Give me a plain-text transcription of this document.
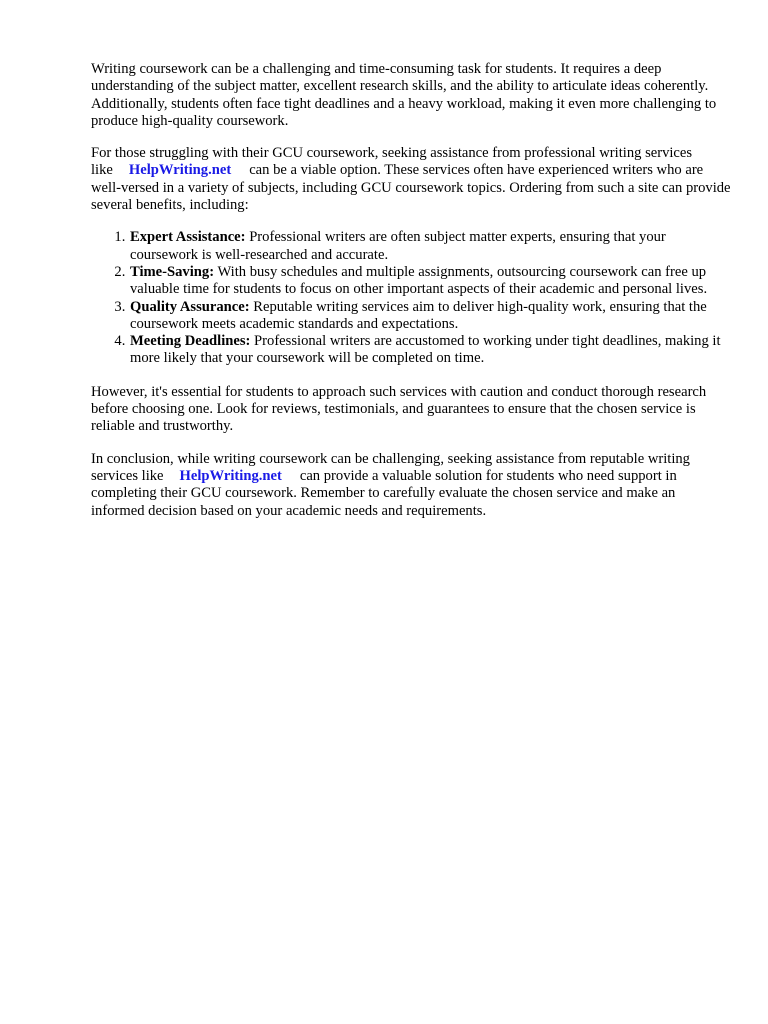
Writing coursework can be a challenging and time-consuming task for students. It requires a deep understanding of the subject matter, excellent research skills, and the ability to articulate ideas coherently. Additionally, students often face tight deadlines and a heavy workload, making it even more challenging to produce high-quality coursework.

For those struggling with their GCU coursework, seeking assistance from professional writing services like HelpWriting.net can be a viable option. These services often have experienced writers who are well-versed in a variety of subjects, including GCU coursework topics. Ordering from such a site can provide several benefits, including:

1. Expert Assistance: Professional writers are often subject matter experts, ensuring that your coursework is well-researched and accurate.
2. Time-Saving: With busy schedules and multiple assignments, outsourcing coursework can free up valuable time for students to focus on other important aspects of their academic and personal lives.
3. Quality Assurance: Reputable writing services aim to deliver high-quality work, ensuring that the coursework meets academic standards and expectations.
4. Meeting Deadlines: Professional writers are accustomed to working under tight deadlines, making it more likely that your coursework will be completed on time.

However, it's essential for students to approach such services with caution and conduct thorough research before choosing one. Look for reviews, testimonials, and guarantees to ensure that the chosen service is reliable and trustworthy.

In conclusion, while writing coursework can be challenging, seeking assistance from reputable writing services like HelpWriting.net can provide a valuable solution for students who need support in completing their GCU coursework. Remember to carefully evaluate the chosen service and make an informed decision based on your academic needs and requirements.
